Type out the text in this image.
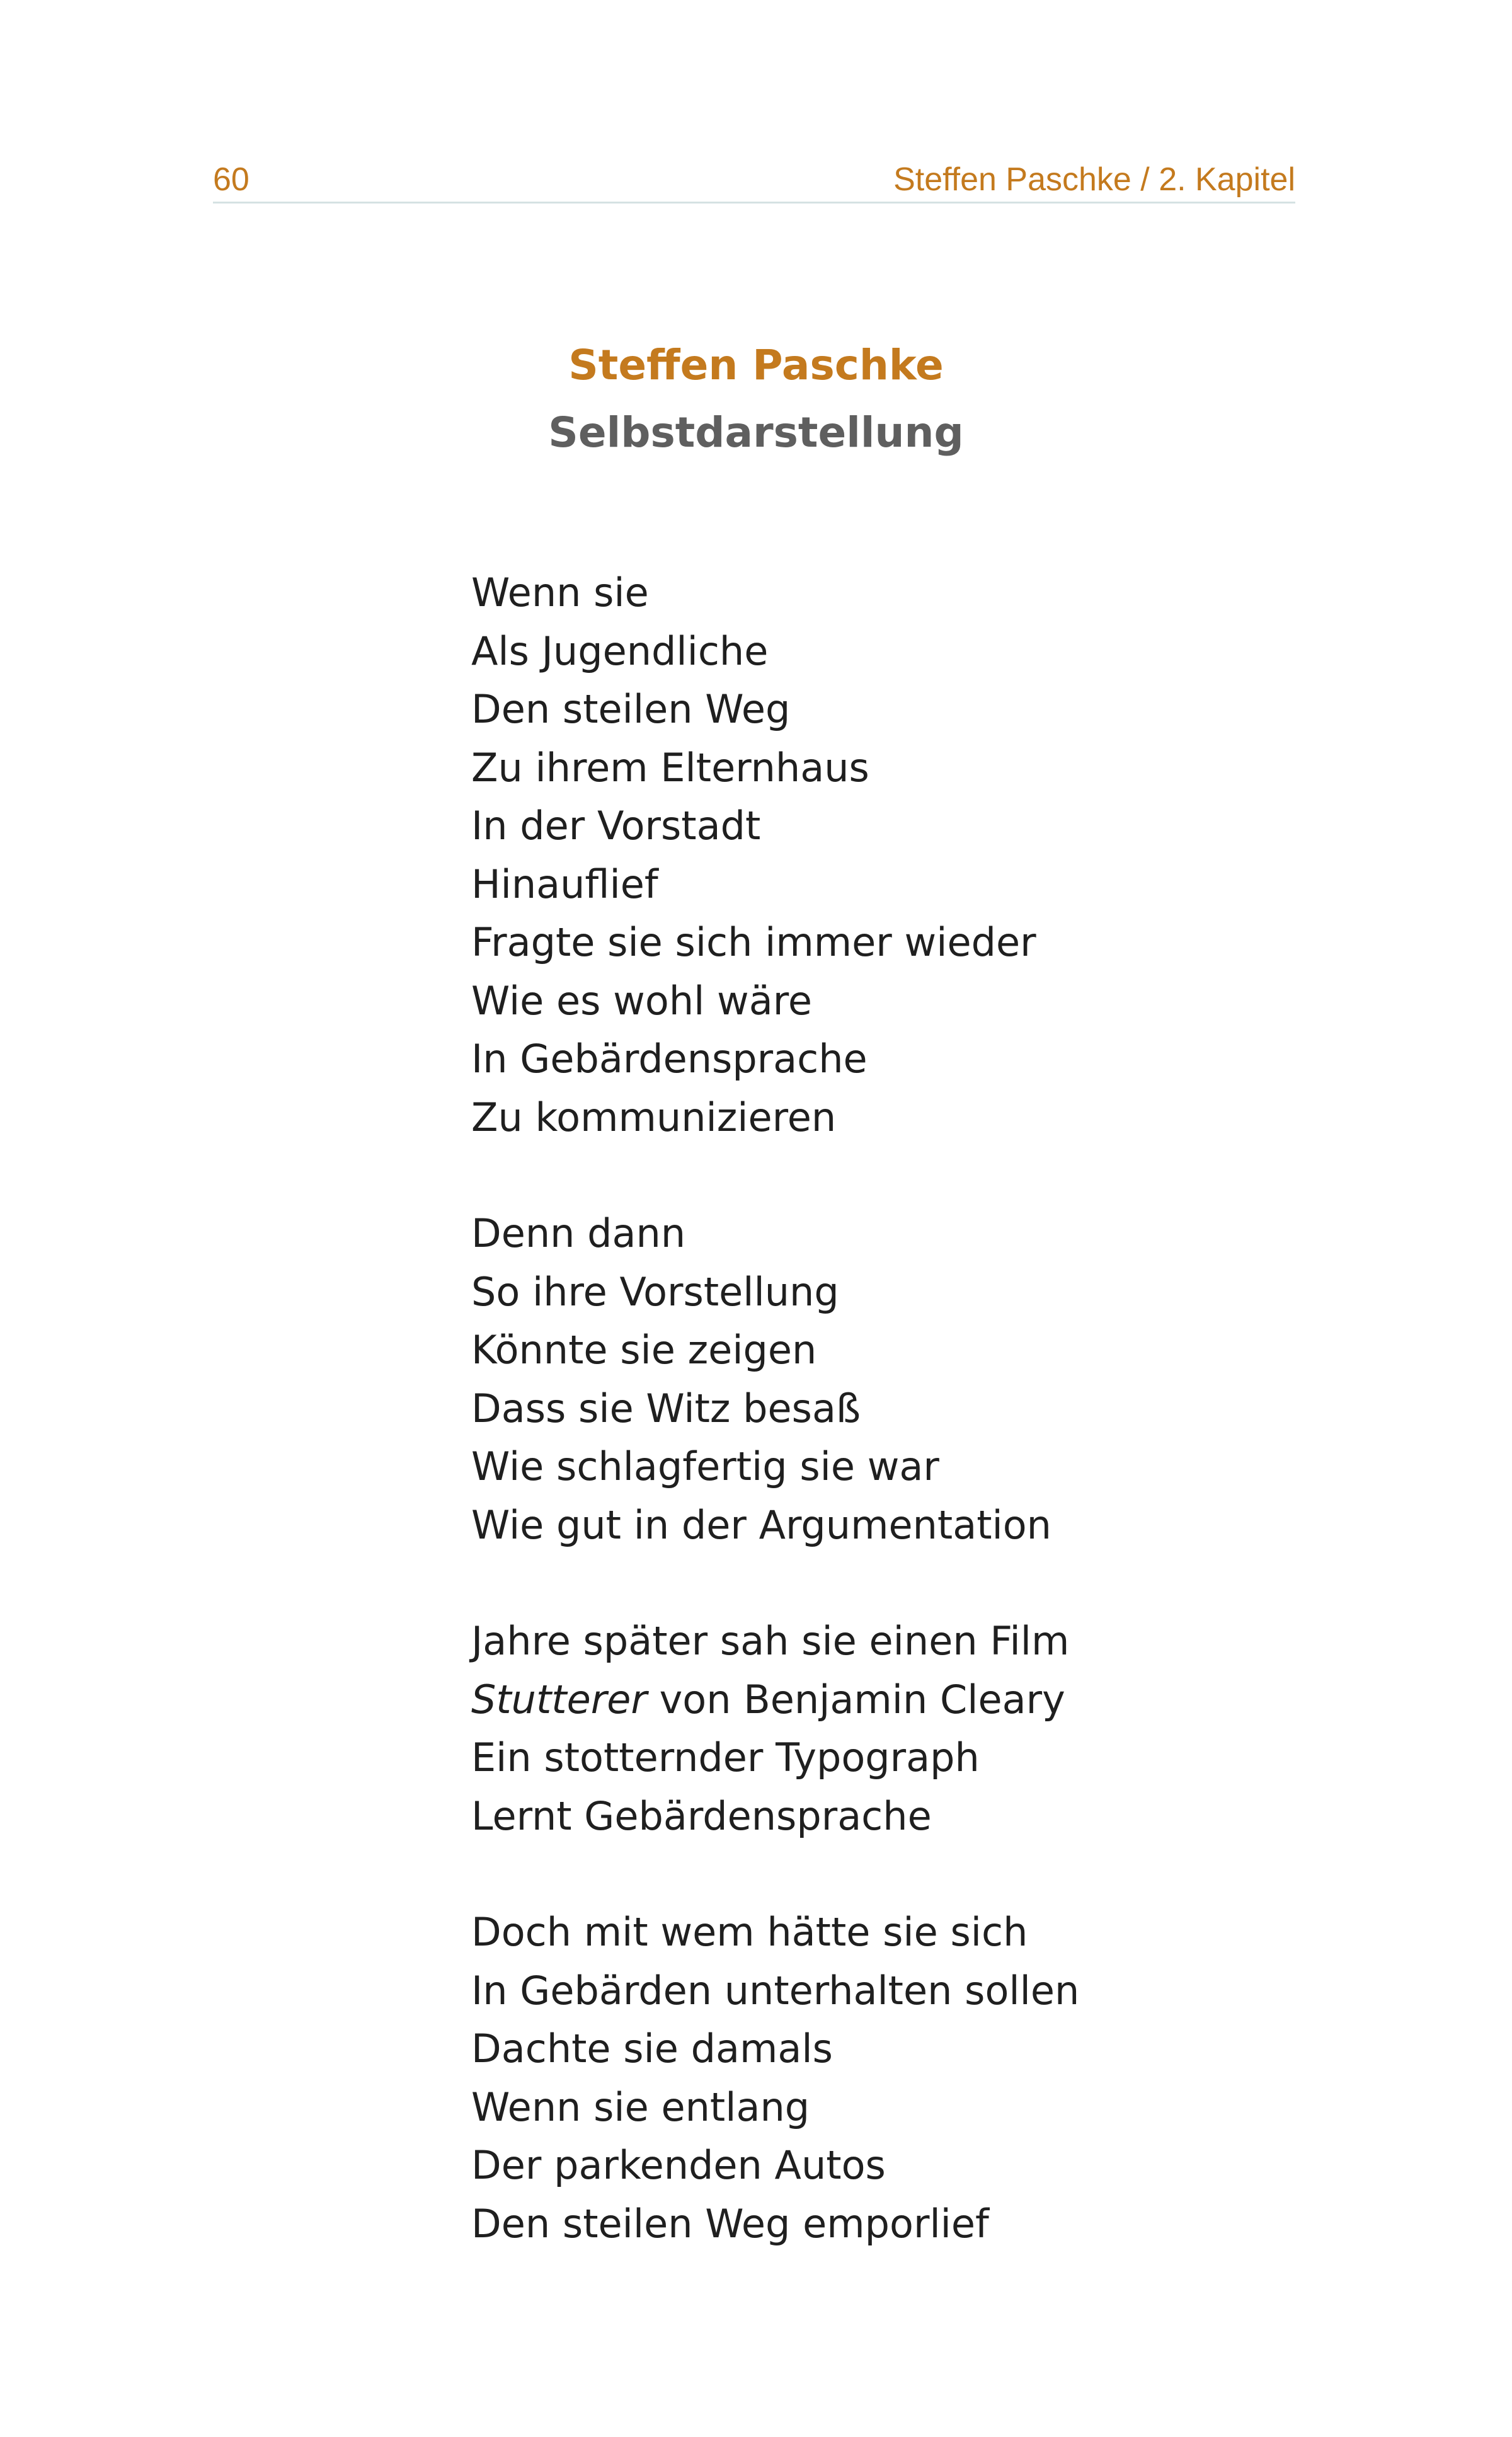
60	Steffen Paschke / 2. Kapitel
Steffen Paschke
Selbstdarstellung
Wenn sie
Als Jugendliche
Den steilen Weg
Zu ihrem Elternhaus
In der Vorstadt
Hinauflief
Fragte sie sich immer wieder
Wie es wohl wäre
In Gebärdensprache
Zu kommunizieren
Denn dann
So ihre Vorstellung
Könnte sie zeigen
Dass sie Witz besaß
Wie schlagfertig sie war
Wie gut in der Argumentation
Jahre später sah sie einen Film
Stutterer von Benjamin Cleary
Ein stotternder Typograph
Lernt Gebärdensprache
Doch mit wem hätte sie sich
In Gebärden unterhalten sollen
Dachte sie damals
Wenn sie entlang
Der parkenden Autos
Den steilen Weg emporlief
